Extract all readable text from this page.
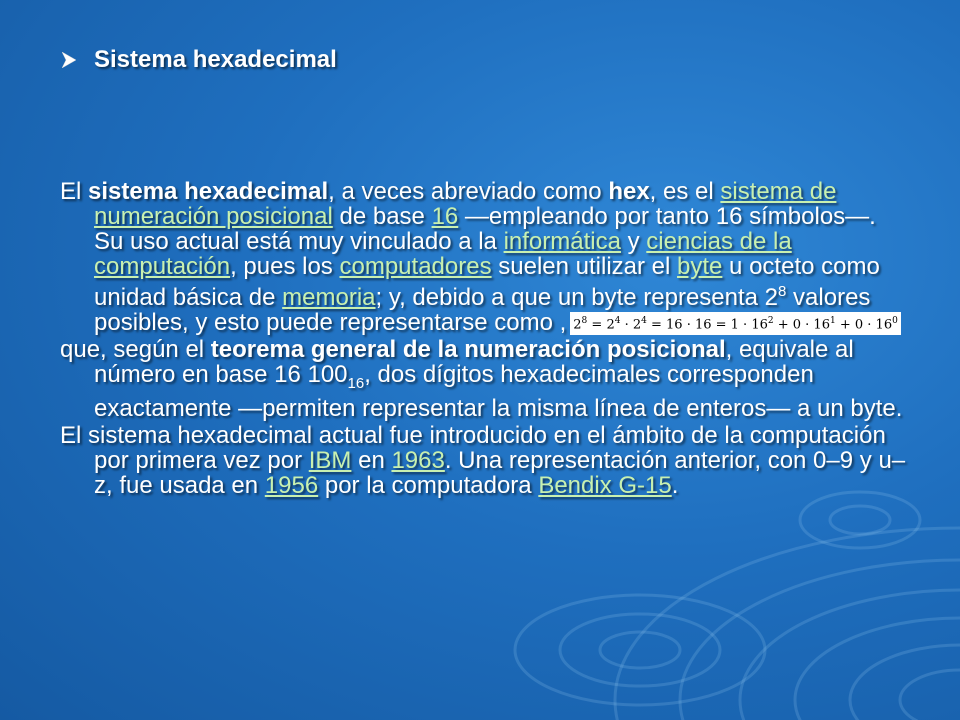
Sistema hexadecimal

El sistema hexadecimal, a veces abreviado como hex, es el sistema de numeración posicional de base 16 —empleando por tanto 16 símbolos—. Su uso actual está muy vinculado a la informática y ciencias de la computación, pues los computadores suelen utilizar el byte u octeto como unidad básica de memoria; y, debido a que un byte representa $2^8$ valores posibles, y esto puede representarse como , $2^8 = 2^4 \cdot 2^4 = 16 \cdot 16 = 1 \cdot 16^2 + 0 \cdot 16^1 + 0 \cdot 16^0$

que, según el teorema general de la numeración posicional, equivale al número en base 16 $100_{16}$, dos dígitos hexadecimales corresponden exactamente —permiten representar la misma línea de enteros— a un byte.

El sistema hexadecimal actual fue introducido en el ámbito de la computación por primera vez por IBM en 1963. Una representación anterior, con 0–9 y u–z, fue usada en 1956 por la computadora Bendix G-15.
